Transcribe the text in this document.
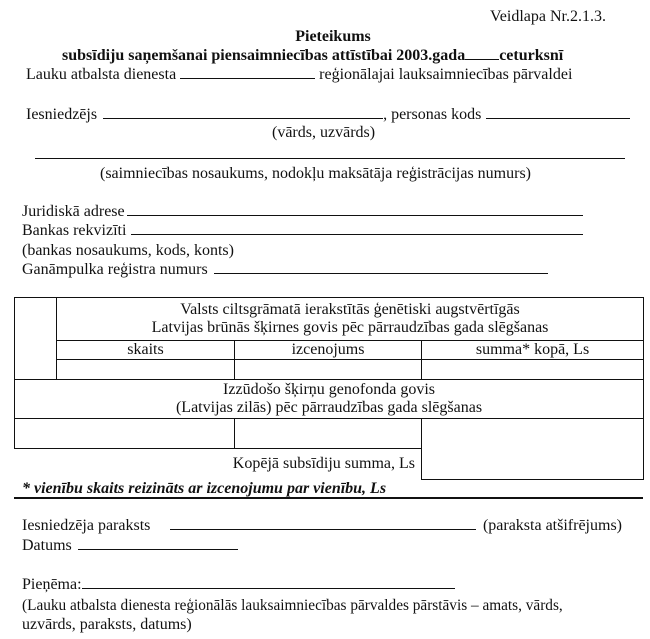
Veidlapa Nr.2.1.3.
Pieteikums
subsīdiju saņemšanai piensaimniecības attīstībai 2003.gada ceturksnī
Lauku atbalsta dienesta	reģionālajai lauksaimniecības pārvaldei
Iesniedzējs	, personas kods
(vārds, uzvārds)
(saimniecības nosaukums, nodokļu maksātāja reģistrācijas numurs)
Juridiskā adrese
Bankas rekvizīti
(bankas nosaukums, kods, konts)
Ganāmpulka reģistra numurs

	Valsts ciltsgrāmatā ierakstītās ģenētiski augstvērtīgās
Latvijas brūnās šķirnes govis pēc pārraudzības gada slēgšanas		

	skaits	izcenojums	summa* kopā, Ls

Izzūdošo šķirņu genofonda govis
(Latvijas zilās) pēc pārraudzības gada slēgšanas			

Kopējā subsīdiju summa, Ls			
* vienību skaits reizināts ar izcenojumu par vienību, Ls
Iesniedzēja paraksts	(paraksta atšifrējums)
Datums
Pieņēma:
(Lauku atbalsta dienesta reģionālās lauksaimniecības pārvaldes pārstāvis – amats, vārds,
uzvārds, paraksts, datums)
